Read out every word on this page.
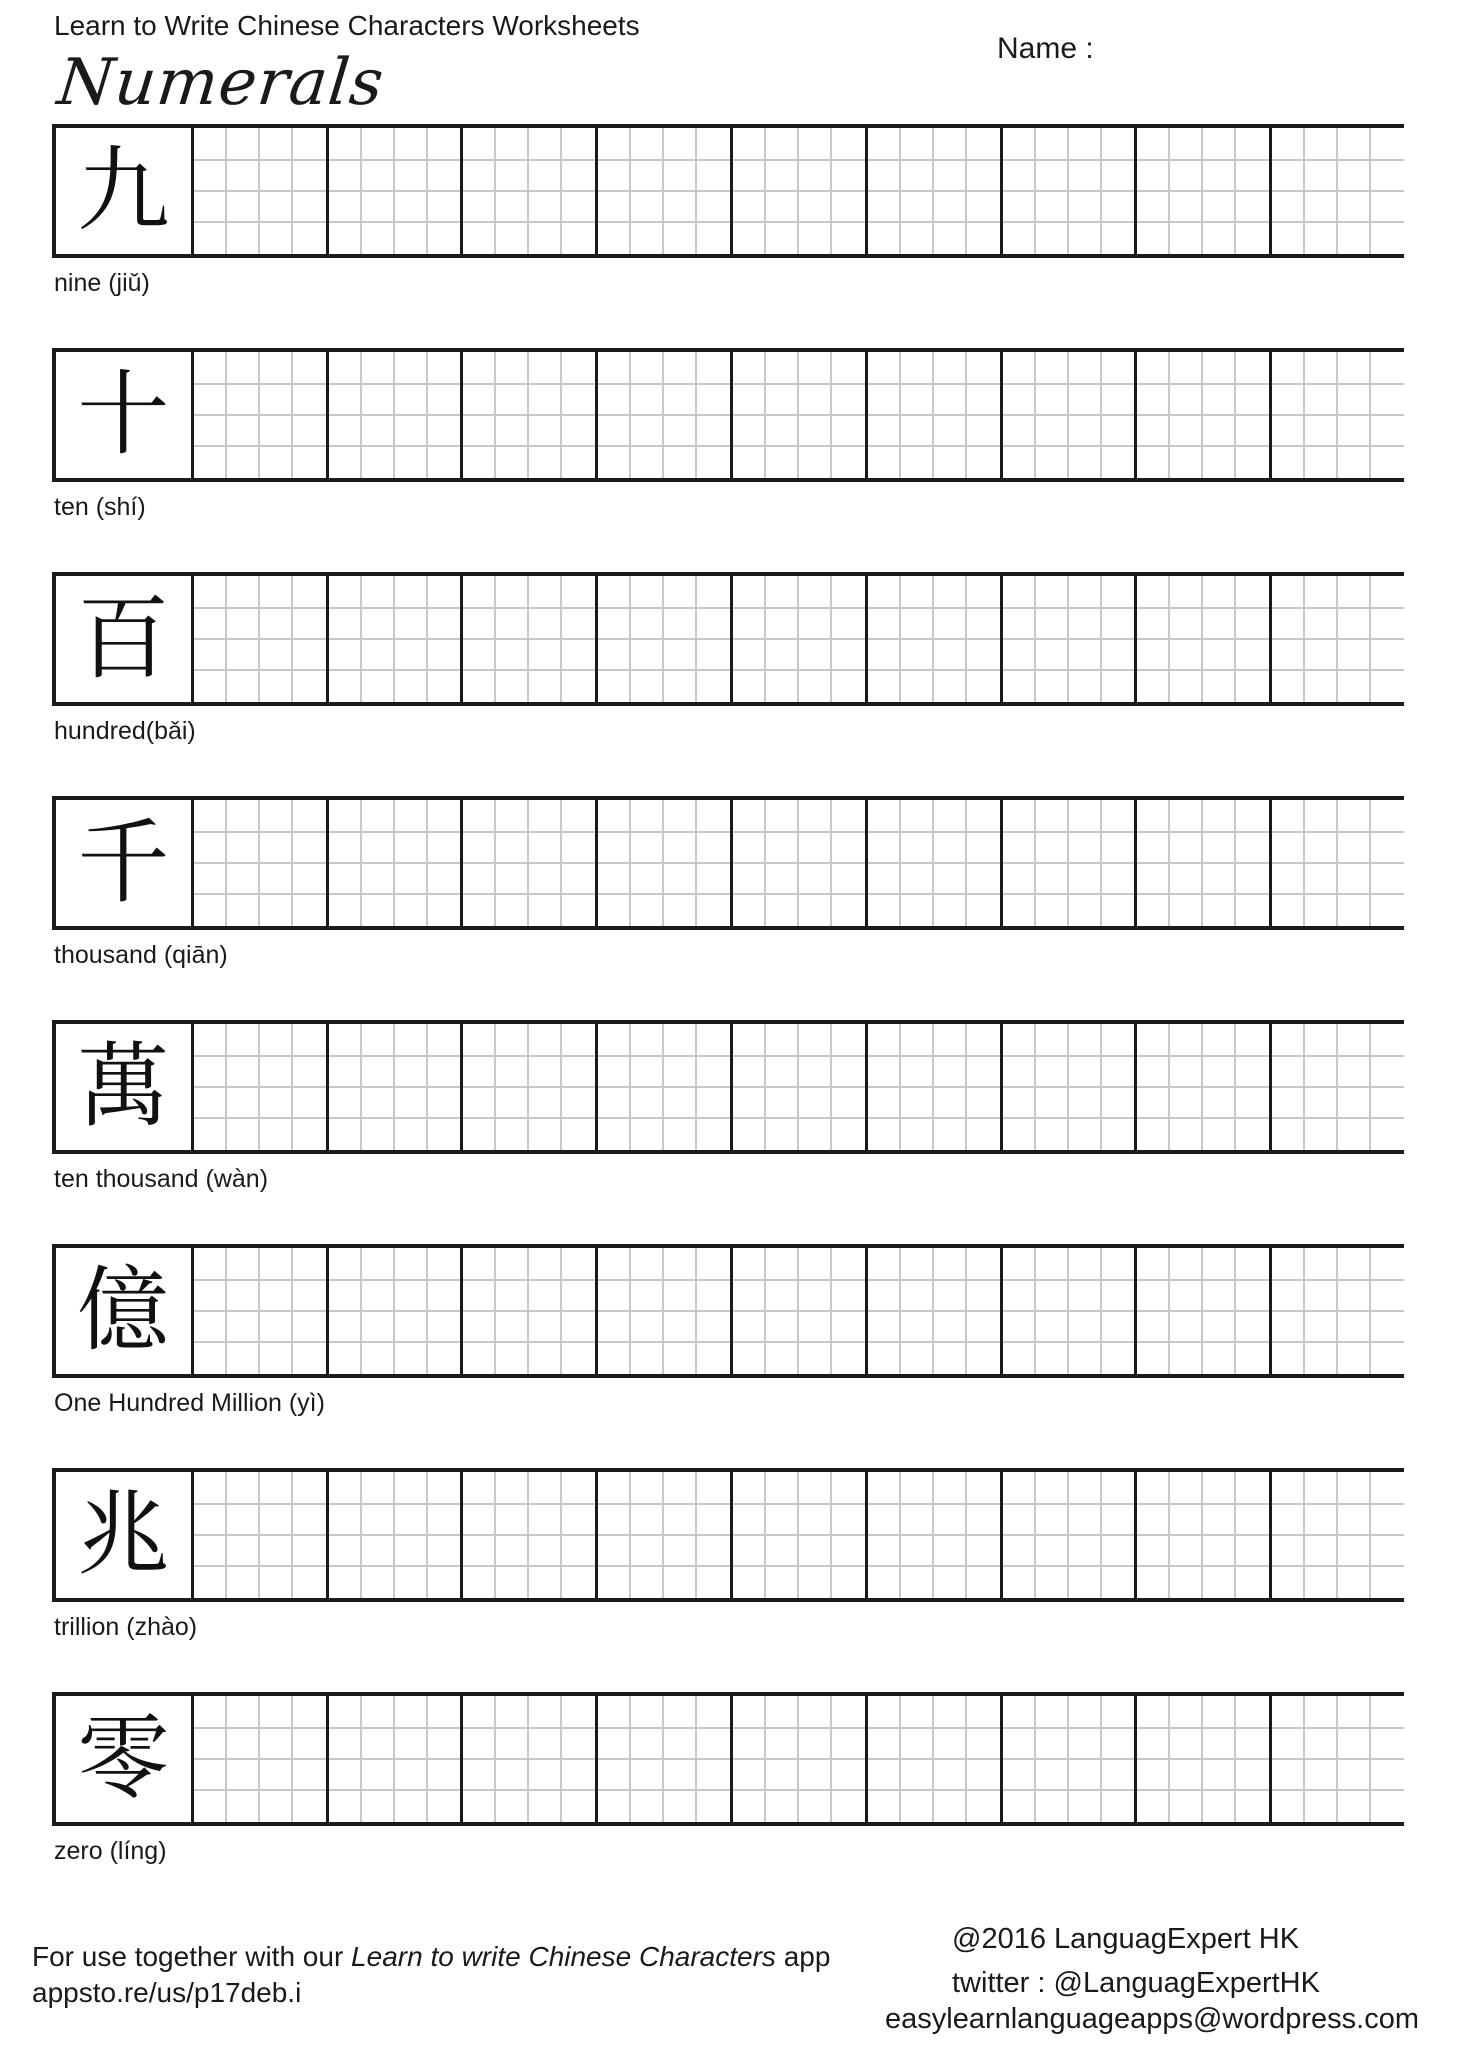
Learn to Write Chinese Characters Worksheets
Numerals	Name :
九
nine (jiǔ)
十
ten (shí)
百
hundred(bǎi)
千
thousand (qiān)
萬
ten thousand (wàn)
億
One Hundred Million (yì)
兆
trillion (zhào)
零
zero (líng)
For use together with our Learn to write Chinese Characters app
appsto.re/us/p17deb.i
@2016 LanguagExpert HK
twitter : @LanguagExpertHK
easylearnlanguageapps@wordpress.com
